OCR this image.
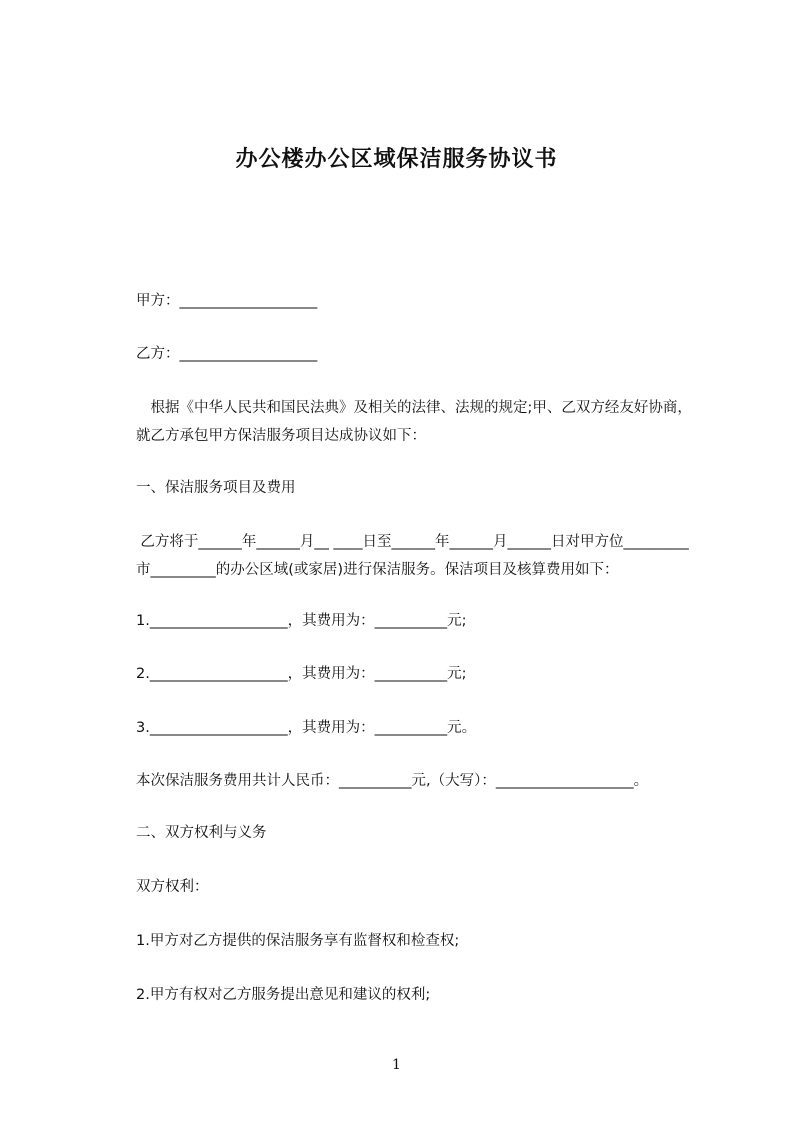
办公楼办公区域保洁服务协议书
甲方：___________________
乙方：___________________
根据《中华人民共和国民法典》及相关的法律、法规的规定;甲、乙双方经友好协商，就乙方承包甲方保洁服务项目达成协议如下：
一、保洁服务项目及费用
乙方将于______年______月__ ____日至______年______月______日对甲方位_________市_________的办公区域(或家居)进行保洁服务。保洁项目及核算费用如下：
1.___________________，其费用为：__________元;
2.___________________，其费用为：__________元;
3.___________________，其费用为：__________元。
本次保洁服务费用共计人民币：__________元,（大写）：___________________。
二、双方权利与义务
双方权利：
1.甲方对乙方提供的保洁服务享有监督权和检查权;
2.甲方有权对乙方服务提出意见和建议的权利;
1
